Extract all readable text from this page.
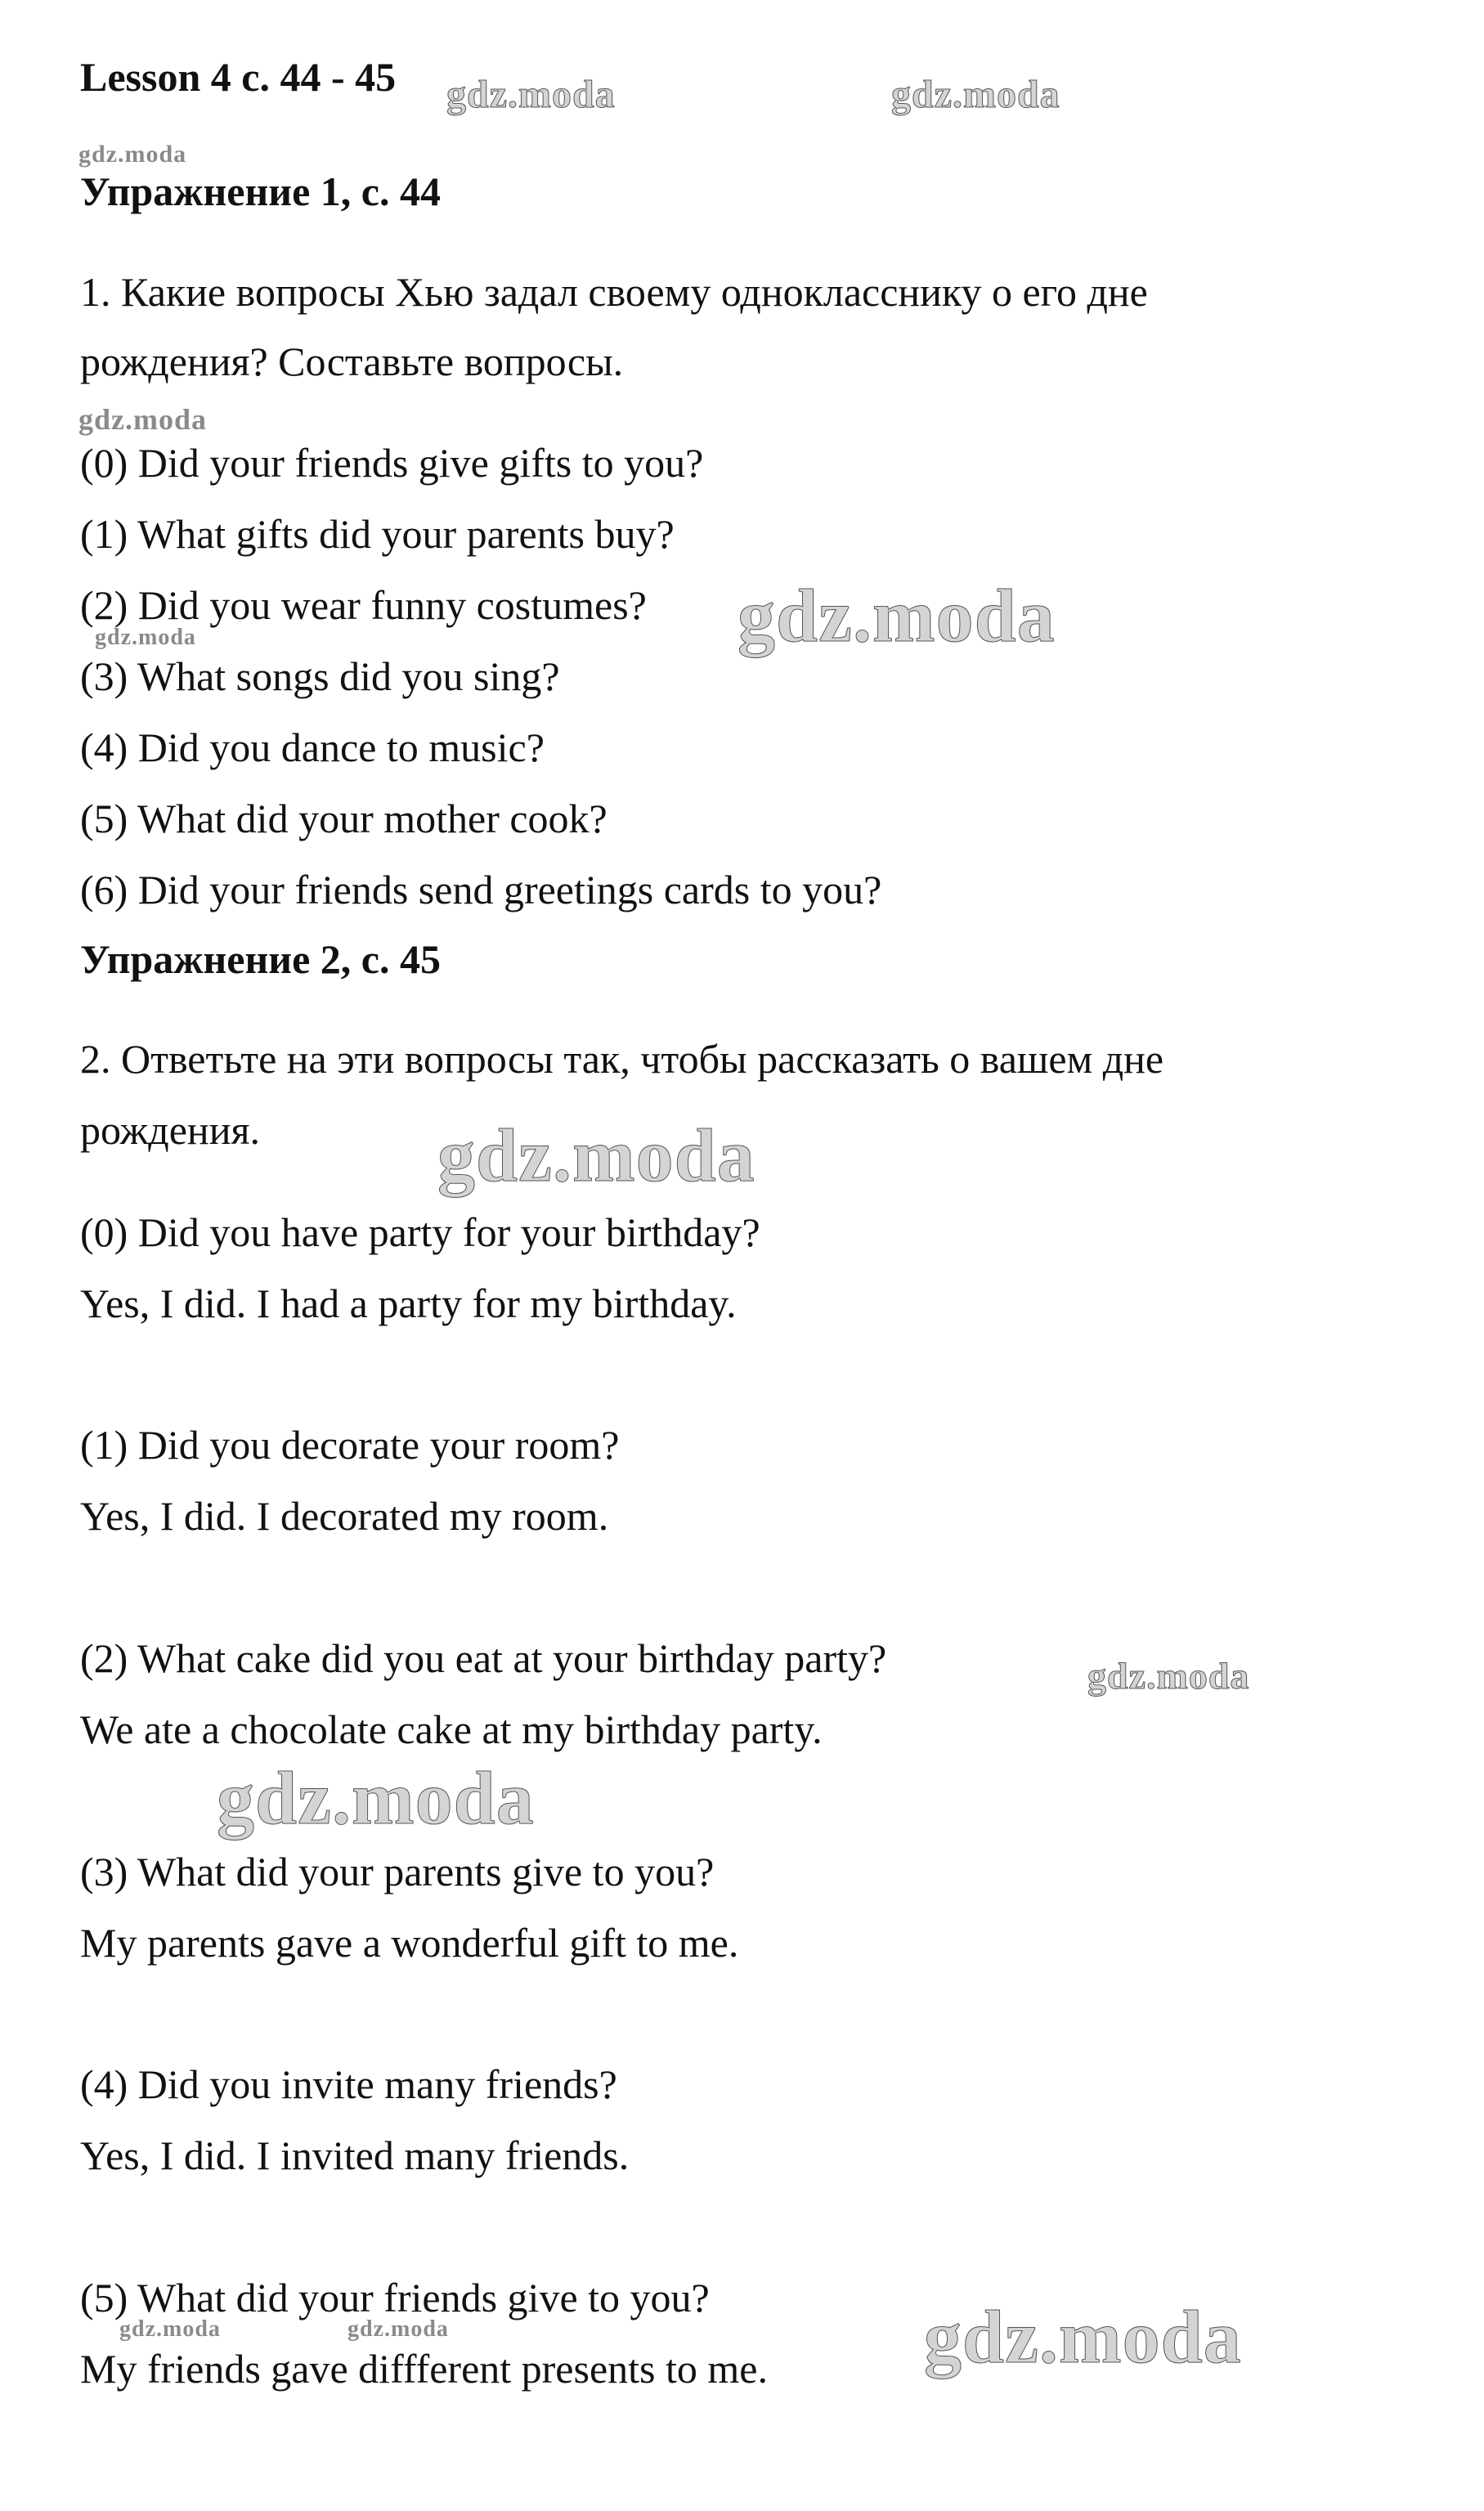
Lesson 4 c. 44 - 45
Упражнение 1, с. 44
1. Какие вопросы Хью задал своему однокласснику о его дне
рождения? Составьте вопросы.
(0) Did your friends give gifts to you?
(1) What gifts did your parents buy?
(2) Did you wear funny costumes?
(3) What songs did you sing?
(4) Did you dance to music?
(5) What did your mother cook?
(6) Did your friends send greetings cards to you?
Упражнение 2, с. 45
2. Ответьте на эти вопросы так, чтобы рассказать о вашем дне
рождения.
(0) Did you have party for your birthday?
Yes, I did. I had a party for my birthday.
(1) Did you decorate your room?
Yes, I did. I decorated my room.
(2) What cake did you eat at your birthday party?
We ate a chocolate cake at my birthday party.
(3) What did your parents give to you?
My parents gave a wonderful gift to me.
(4) Did you invite many friends?
Yes, I did. I invited many friends.
(5) What did your friends give to you?
My friends gave diffferent presents to me.
gdz.moda	gdz.moda
gdz.moda
gdz.moda
gdz.moda
gdz.moda
gdz.moda
gdz.moda
gdz.moda
gdz.moda	gdz.moda	gdz.moda
